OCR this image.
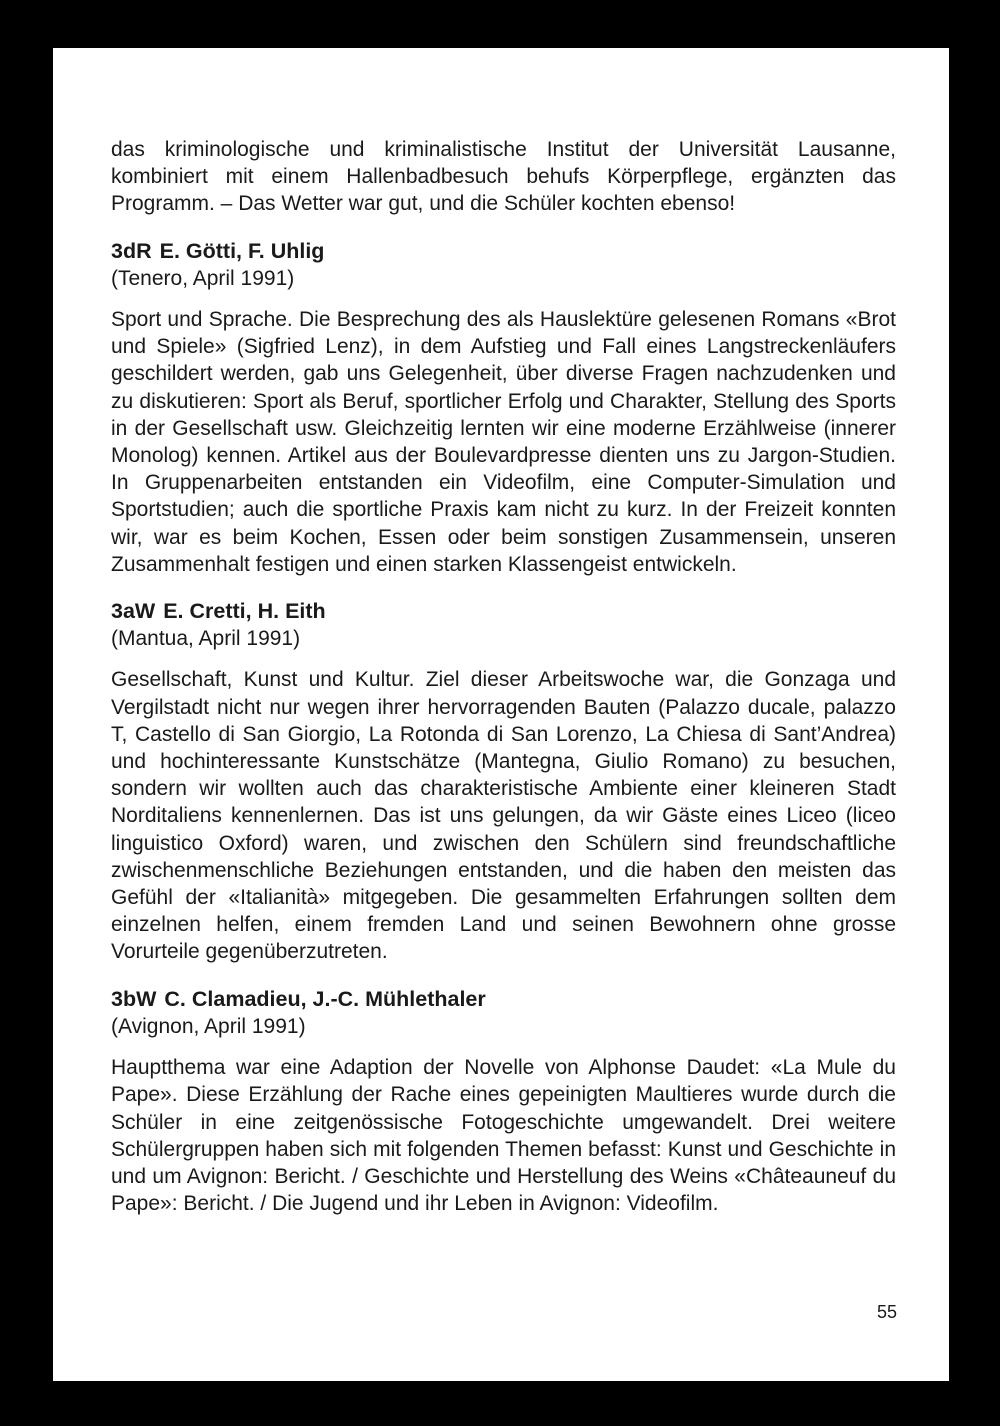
das kriminologische und kriminalistische Institut der Universität Lausanne, kombiniert mit einem Hallenbadbesuch behufs Körperpflege, ergänzten das Programm. – Das Wetter war gut, und die Schüler kochten ebenso!

3dR E. Götti, F. Uhlig
(Tenero, April 1991)

Sport und Sprache. Die Besprechung des als Hauslektüre gelesenen Romans «Brot und Spiele» (Sigfried Lenz), in dem Aufstieg und Fall eines Langstreckenläufers geschildert werden, gab uns Gelegenheit, über diverse Fragen nachzudenken und zu diskutieren: Sport als Beruf, sportlicher Erfolg und Charakter, Stellung des Sports in der Gesellschaft usw. Gleichzeitig lernten wir eine moderne Erzählweise (innerer Monolog) kennen. Artikel aus der Boulevardpresse dienten uns zu Jargon-Studien. In Gruppenarbeiten entstanden ein Videofilm, eine Computer-Simulation und Sportstudien; auch die sportliche Praxis kam nicht zu kurz. In der Freizeit konnten wir, war es beim Kochen, Essen oder beim sonstigen Zusammensein, unseren Zusammenhalt festigen und einen starken Klassengeist entwickeln.

3aW E. Cretti, H. Eith
(Mantua, April 1991)

Gesellschaft, Kunst und Kultur. Ziel dieser Arbeitswoche war, die Gonzaga und Vergilstadt nicht nur wegen ihrer hervorragenden Bauten (Palazzo ducale, palazzo T, Castello di San Giorgio, La Rotonda di San Lorenzo, La Chiesa di Sant’Andrea) und hochinteressante Kunstschätze (Mantegna, Giulio Romano) zu besuchen, sondern wir wollten auch das charakteristische Ambiente einer kleineren Stadt Norditaliens kennenlernen. Das ist uns gelungen, da wir Gäste eines Liceo (liceo linguistico Oxford) waren, und zwischen den Schülern sind freundschaftliche zwischenmenschliche Beziehungen entstanden, und die haben den meisten das Gefühl der «Italianità» mitgegeben. Die gesammelten Erfahrungen sollten dem einzelnen helfen, einem fremden Land und seinen Bewohnern ohne grosse Vorurteile gegenüberzutreten.

3bW C. Clamadieu, J.-C. Mühlethaler
(Avignon, April 1991)

Hauptthema war eine Adaption der Novelle von Alphonse Daudet: «La Mule du Pape». Diese Erzählung der Rache eines gepeinigten Maultieres wurde durch die Schüler in eine zeitgenössische Fotogeschichte umgewandelt. Drei weitere Schülergruppen haben sich mit folgenden Themen befasst: Kunst und Geschichte in und um Avignon: Bericht. / Geschichte und Herstellung des Weins «Châteauneuf du Pape»: Bericht. / Die Jugend und ihr Leben in Avignon: Videofilm.

55
